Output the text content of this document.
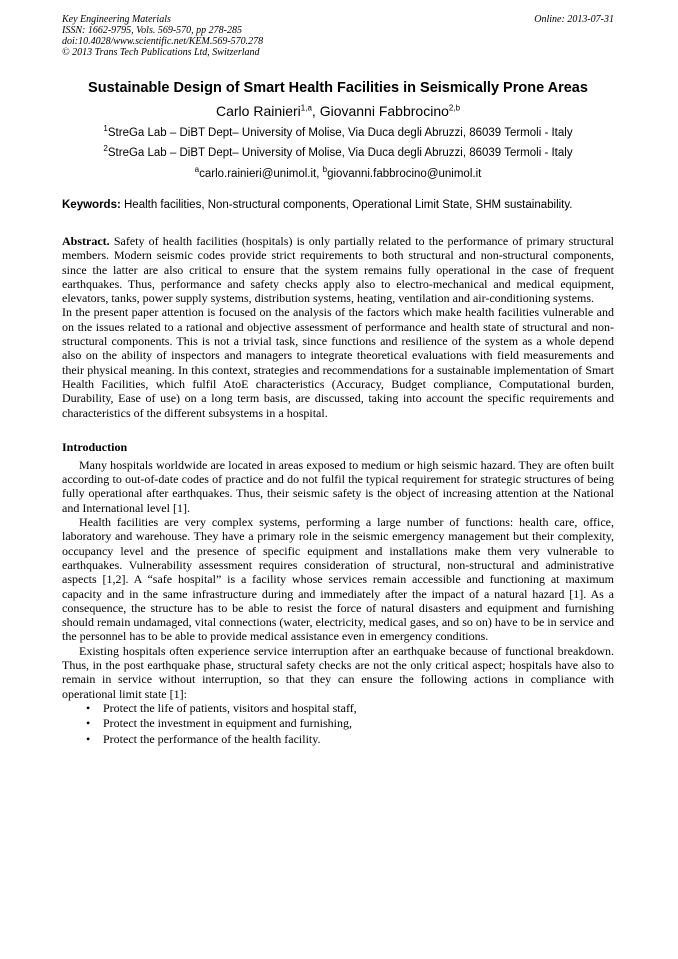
Key Engineering Materials
ISSN: 1662-9795, Vols. 569-570, pp 278-285
doi:10.4028/www.scientific.net/KEM.569-570.278
© 2013 Trans Tech Publications Ltd, Switzerland
Online: 2013-07-31
Sustainable Design of Smart Health Facilities in Seismically Prone Areas
Carlo Rainieri$^{1,a}$, Giovanni Fabbrocino$^{2,b}$
$^1$StreGa Lab – DiBT Dept– University of Molise, Via Duca degli Abruzzi, 86039 Termoli - Italy
$^2$StreGa Lab – DiBT Dept– University of Molise, Via Duca degli Abruzzi, 86039 Termoli - Italy
$^a$carlo.rainieri@unimol.it, $^b$giovanni.fabbrocino@unimol.it
Keywords: Health facilities, Non-structural components, Operational Limit State, SHM sustainability.

Abstract. Safety of health facilities (hospitals) is only partially related to the performance of primary structural members. Modern seismic codes provide strict requirements to both structural and non-structural components, since the latter are also critical to ensure that the system remains fully operational in the case of frequent earthquakes. Thus, performance and safety checks apply also to electro-mechanical and medical equipment, elevators, tanks, power supply systems, distribution systems, heating, ventilation and air-conditioning systems.

In the present paper attention is focused on the analysis of the factors which make health facilities vulnerable and on the issues related to a rational and objective assessment of performance and health state of structural and non-structural components. This is not a trivial task, since functions and resilience of the system as a whole depend also on the ability of inspectors and managers to integrate theoretical evaluations with field measurements and their physical meaning. In this context, strategies and recommendations for a sustainable implementation of Smart Health Facilities, which fulfil AtoE characteristics (Accuracy, Budget compliance, Computational burden, Durability, Ease of use) on a long term basis, are discussed, taking into account the specific requirements and characteristics of the different subsystems in a hospital.

Introduction

Many hospitals worldwide are located in areas exposed to medium or high seismic hazard. They are often built according to out-of-date codes of practice and do not fulfil the typical requirement for strategic structures of being fully operational after earthquakes. Thus, their seismic safety is the object of increasing attention at the National and International level [1].

Health facilities are very complex systems, performing a large number of functions: health care, office, laboratory and warehouse. They have a primary role in the seismic emergency management but their complexity, occupancy level and the presence of specific equipment and installations make them very vulnerable to earthquakes. Vulnerability assessment requires consideration of structural, non-structural and administrative aspects [1,2]. A “safe hospital” is a facility whose services remain accessible and functioning at maximum capacity and in the same infrastructure during and immediately after the impact of a natural hazard [1]. As a consequence, the structure has to be able to resist the force of natural disasters and equipment and furnishing should remain undamaged, vital connections (water, electricity, medical gases, and so on) have to be in service and the personnel has to be able to provide medical assistance even in emergency conditions.

Existing hospitals often experience service interruption after an earthquake because of functional breakdown. Thus, in the post earthquake phase, structural safety checks are not the only critical aspect; hospitals have also to remain in service without interruption, so that they can ensure the following actions in compliance with operational limit state [1]:

• Protect the life of patients, visitors and hospital staff,
• Protect the investment in equipment and furnishing,
• Protect the performance of the health facility.
